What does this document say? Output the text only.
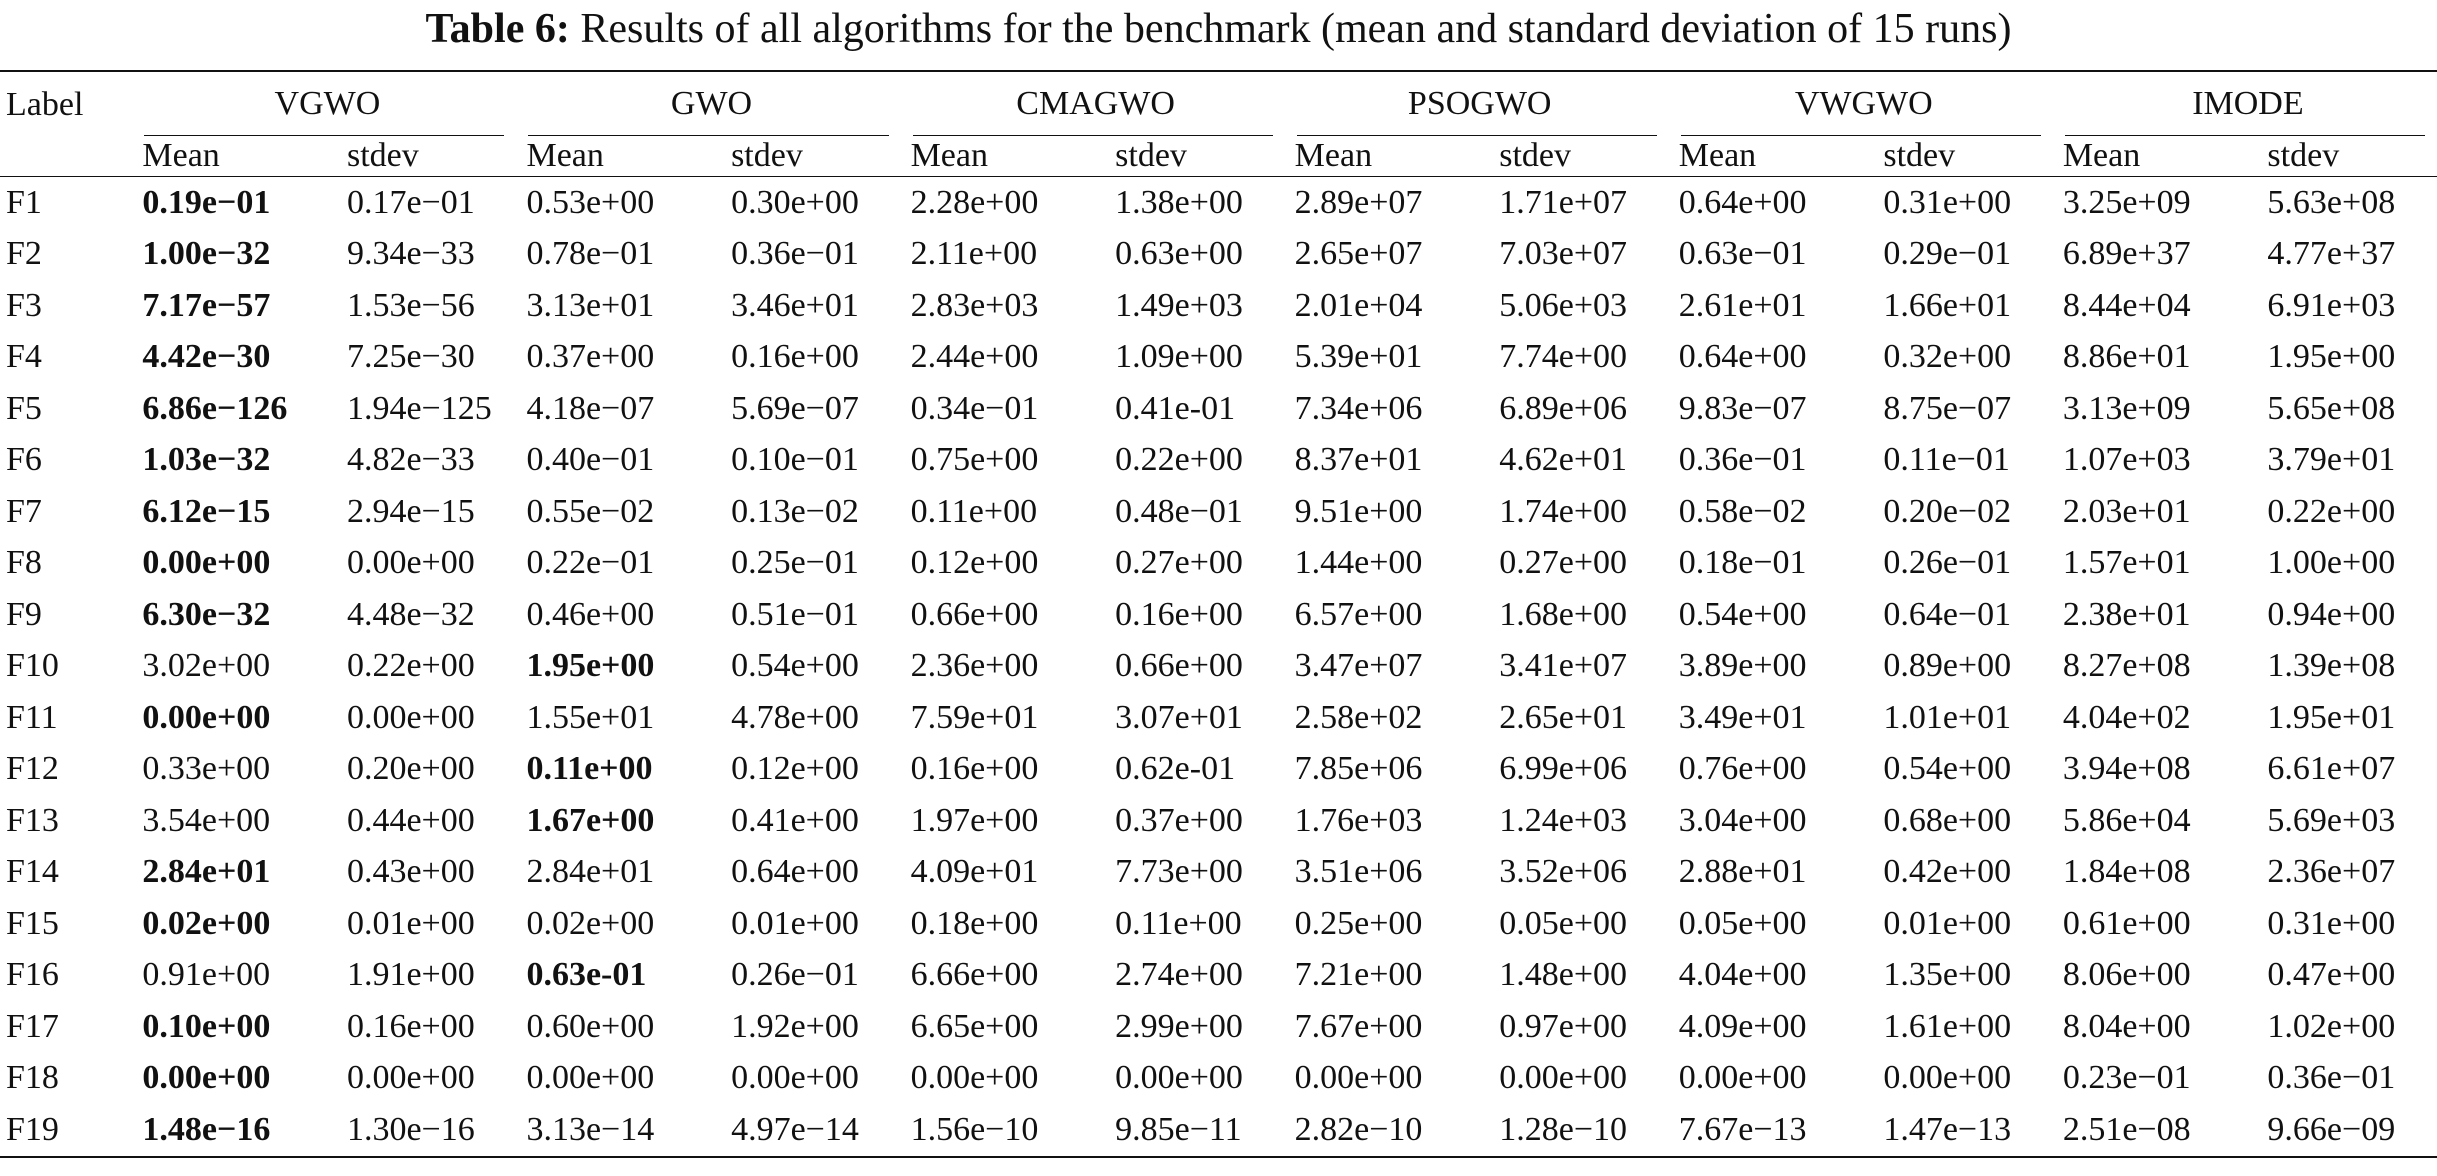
Table 6: Results of all algorithms for the benchmark (mean and standard deviation of 15 runs)
Label	VGWO		GWO		CMAGWO		PSOGWO		VWGWO		IMODE	

	Mean	stdev	Mean	stdev	Mean	stdev	Mean	stdev	Mean	stdev	Mean	stdev
F1	0.19e−01	0.17e−01	0.53e+00	0.30e+00	2.28e+00	1.38e+00	2.89e+07	1.71e+07	0.64e+00	0.31e+00	3.25e+09	5.63e+08
F2	1.00e−32	9.34e−33	0.78e−01	0.36e−01	2.11e+00	0.63e+00	2.65e+07	7.03e+07	0.63e−01	0.29e−01	6.89e+37	4.77e+37
F3	7.17e−57	1.53e−56	3.13e+01	3.46e+01	2.83e+03	1.49e+03	2.01e+04	5.06e+03	2.61e+01	1.66e+01	8.44e+04	6.91e+03
F4	4.42e−30	7.25e−30	0.37e+00	0.16e+00	2.44e+00	1.09e+00	5.39e+01	7.74e+00	0.64e+00	0.32e+00	8.86e+01	1.95e+00
F5	6.86e−126	1.94e−125	4.18e−07	5.69e−07	0.34e−01	0.41e-01	7.34e+06	6.89e+06	9.83e−07	8.75e−07	3.13e+09	5.65e+08
F6	1.03e−32	4.82e−33	0.40e−01	0.10e−01	0.75e+00	0.22e+00	8.37e+01	4.62e+01	0.36e−01	0.11e−01	1.07e+03	3.79e+01
F7	6.12e−15	2.94e−15	0.55e−02	0.13e−02	0.11e+00	0.48e−01	9.51e+00	1.74e+00	0.58e−02	0.20e−02	2.03e+01	0.22e+00
F8	0.00e+00	0.00e+00	0.22e−01	0.25e−01	0.12e+00	0.27e+00	1.44e+00	0.27e+00	0.18e−01	0.26e−01	1.57e+01	1.00e+00
F9	6.30e−32	4.48e−32	0.46e+00	0.51e−01	0.66e+00	0.16e+00	6.57e+00	1.68e+00	0.54e+00	0.64e−01	2.38e+01	0.94e+00
F10	3.02e+00	0.22e+00	1.95e+00	0.54e+00	2.36e+00	0.66e+00	3.47e+07	3.41e+07	3.89e+00	0.89e+00	8.27e+08	1.39e+08
F11	0.00e+00	0.00e+00	1.55e+01	4.78e+00	7.59e+01	3.07e+01	2.58e+02	2.65e+01	3.49e+01	1.01e+01	4.04e+02	1.95e+01
F12	0.33e+00	0.20e+00	0.11e+00	0.12e+00	0.16e+00	0.62e-01	7.85e+06	6.99e+06	0.76e+00	0.54e+00	3.94e+08	6.61e+07
F13	3.54e+00	0.44e+00	1.67e+00	0.41e+00	1.97e+00	0.37e+00	1.76e+03	1.24e+03	3.04e+00	0.68e+00	5.86e+04	5.69e+03
F14	2.84e+01	0.43e+00	2.84e+01	0.64e+00	4.09e+01	7.73e+00	3.51e+06	3.52e+06	2.88e+01	0.42e+00	1.84e+08	2.36e+07
F15	0.02e+00	0.01e+00	0.02e+00	0.01e+00	0.18e+00	0.11e+00	0.25e+00	0.05e+00	0.05e+00	0.01e+00	0.61e+00	0.31e+00
F16	0.91e+00	1.91e+00	0.63e-01	0.26e−01	6.66e+00	2.74e+00	7.21e+00	1.48e+00	4.04e+00	1.35e+00	8.06e+00	0.47e+00
F17	0.10e+00	0.16e+00	0.60e+00	1.92e+00	6.65e+00	2.99e+00	7.67e+00	0.97e+00	4.09e+00	1.61e+00	8.04e+00	1.02e+00
F18	0.00e+00	0.00e+00	0.00e+00	0.00e+00	0.00e+00	0.00e+00	0.00e+00	0.00e+00	0.00e+00	0.00e+00	0.23e−01	0.36e−01
F19	1.48e−16	1.30e−16	3.13e−14	4.97e−14	1.56e−10	9.85e−11	2.82e−10	1.28e−10	7.67e−13	1.47e−13	2.51e−08	9.66e−09
